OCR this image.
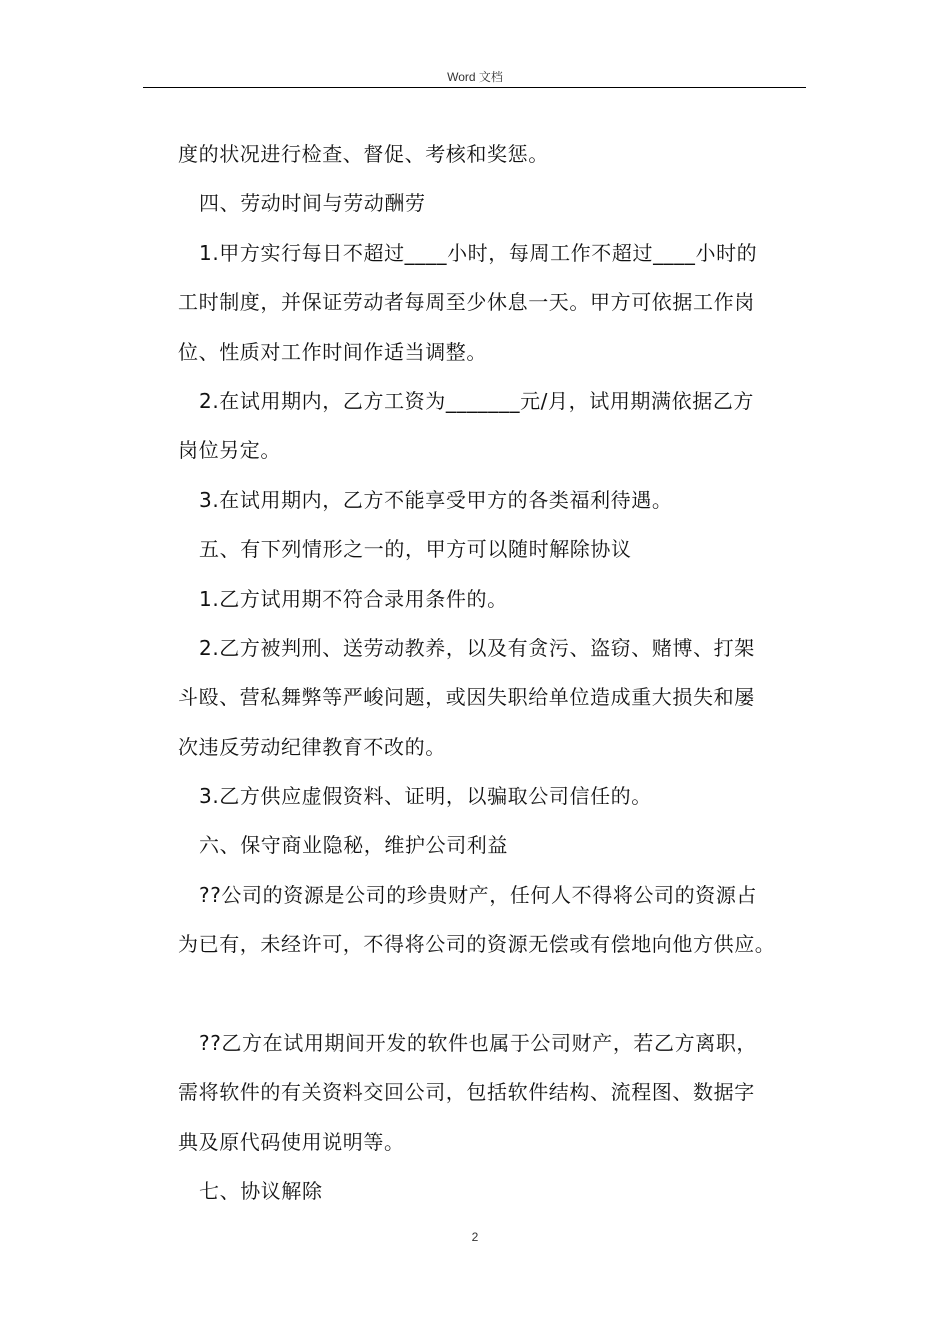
Word 文档
度的状况进行检查、督促、考核和奖惩。
四、劳动时间与劳动酬劳
1.甲方实行每日不超过____小时，每周工作不超过____小时的
工时制度，并保证劳动者每周至少休息一天。甲方可依据工作岗
位、性质对工作时间作适当调整。
2.在试用期内，乙方工资为_______元/月，试用期满依据乙方
岗位另定。
3.在试用期内，乙方不能享受甲方的各类福利待遇。
五、有下列情形之一的，甲方可以随时解除协议
1.乙方试用期不符合录用条件的。
2.乙方被判刑、送劳动教养，以及有贪污、盗窃、赌博、打架
斗殴、营私舞弊等严峻问题，或因失职给单位造成重大损失和屡
次违反劳动纪律教育不改的。
3.乙方供应虚假资料、证明，以骗取公司信任的。
六、保守商业隐秘，维护公司利益
??公司的资源是公司的珍贵财产，任何人不得将公司的资源占
为已有，未经许可，不得将公司的资源无偿或有偿地向他方供应。
??乙方在试用期间开发的软件也属于公司财产，若乙方离职，
需将软件的有关资料交回公司，包括软件结构、流程图、数据字
典及原代码使用说明等。
七、协议解除
2
